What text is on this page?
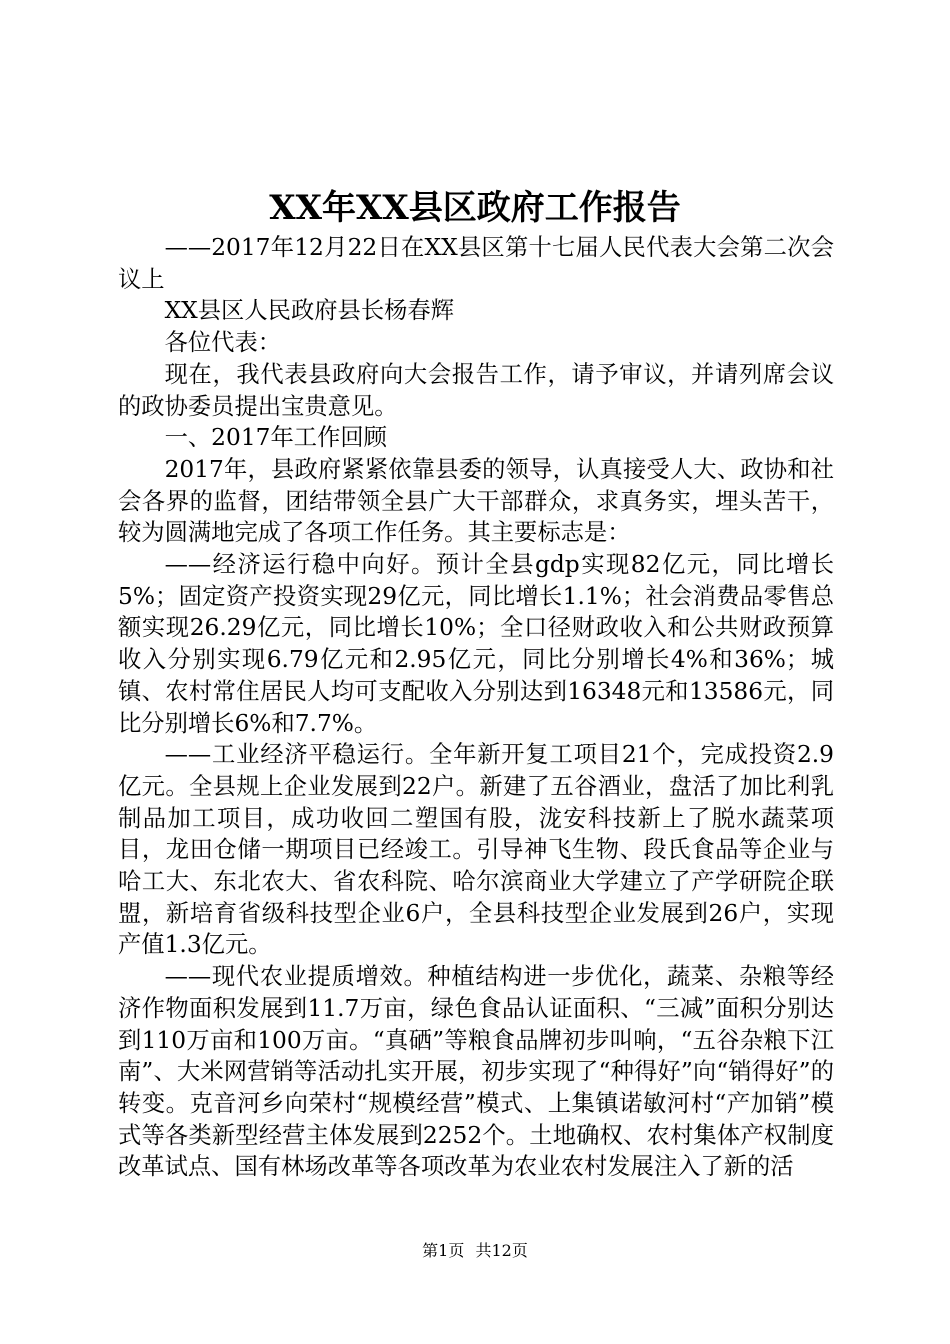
XX年XX县区政府工作报告

——2017年12月22日在XX县区第十七届人民代表大会第二次会议上

XX县区人民政府县长杨春辉

各位代表：

现在，我代表县政府向大会报告工作，请予审议，并请列席会议的政协委员提出宝贵意见。

一、2017年工作回顾

2017年，县政府紧紧依靠县委的领导，认真接受人大、政协和社会各界的监督，团结带领全县广大干部群众，求真务实，埋头苦干，较为圆满地完成了各项工作任务。其主要标志是：

——经济运行稳中向好。预计全县gdp实现82亿元，同比增长5%；固定资产投资实现29亿元，同比增长1.1%；社会消费品零售总额实现26.29亿元，同比增长10%；全口径财政收入和公共财政预算收入分别实现6.79亿元和2.95亿元，同比分别增长4%和36%；城镇、农村常住居民人均可支配收入分别达到16348元和13586元，同比分别增长6%和7.7%。

——工业经济平稳运行。全年新开复工项目21个，完成投资2.9亿元。全县规上企业发展到22户。新建了五谷酒业，盘活了加比利乳制品加工项目，成功收回二塑国有股，泷安科技新上了脱水蔬菜项目，龙田仓储一期项目已经竣工。引导神飞生物、段氏食品等企业与哈工大、东北农大、省农科院、哈尔滨商业大学建立了产学研院企联盟，新培育省级科技型企业6户，全县科技型企业发展到26户，实现产值1.3亿元。

——现代农业提质增效。种植结构进一步优化，蔬菜、杂粮等经济作物面积发展到11.7万亩，绿色食品认证面积、“三减”面积分别达到110万亩和100万亩。“真硒”等粮食品牌初步叫响，“五谷杂粮下江南”、大米网营销等活动扎实开展，初步实现了“种得好”向“销得好”的转变。克音河乡向荣村“规模经营”模式、上集镇诺敏河村“产加销”模式等各类新型经营主体发展到2252个。土地确权、农村集体产权制度改革试点、国有林场改革等各项改革为农业农村发展注入了新的活

第1页 共12页
